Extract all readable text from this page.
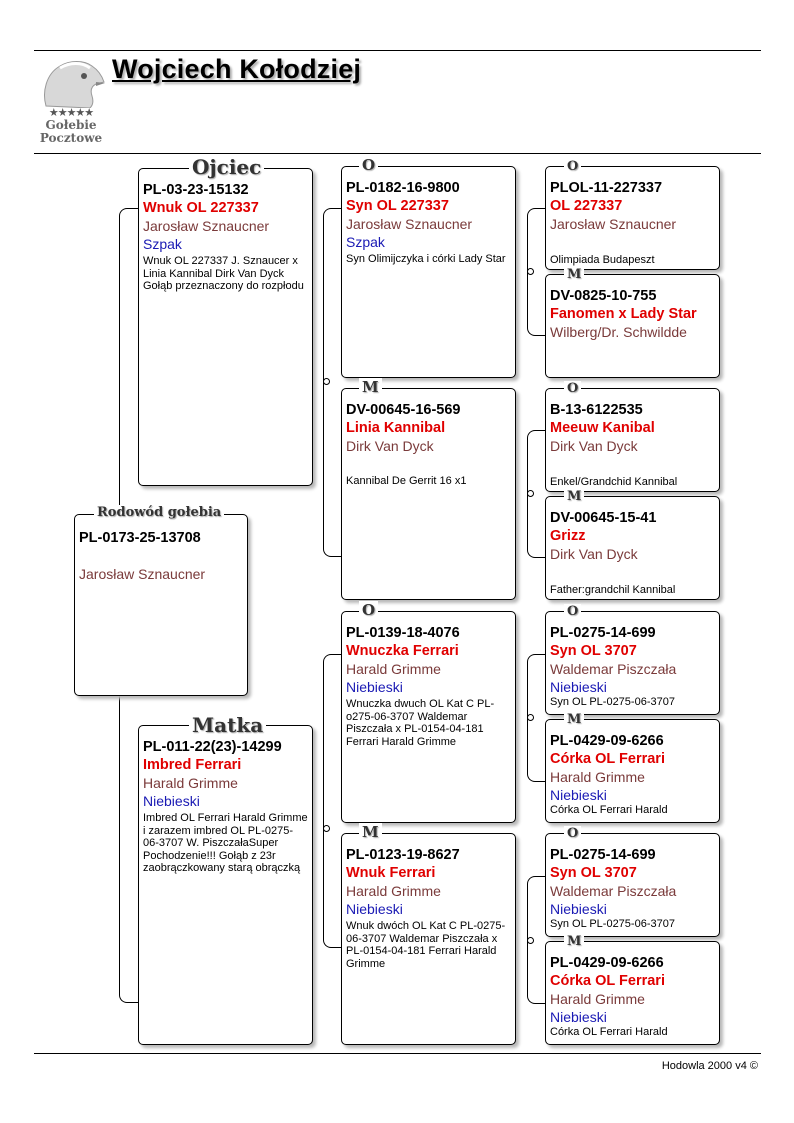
★★★★★
Gołebie
Pocztowe
Wojciech Kołodziej
PL-0173-25-13708
Jarosław Sznaucner
Rodowód gołebia
PL-03-23-15132
Wnuk OL 227337
Jarosław Sznaucner
Szpak
Wnuk OL 227337 J. Sznaucer x Linia Kannibal Dirk Van Dyck Gołąb przeznaczony do rozpłodu
Ojciec
PL-011-22(23)-14299
Imbred Ferrari
Harald Grimme
Niebieski
Imbred OL Ferrari Harald Grimme i zarazem imbred OL PL-0275-06-3707 W. PiszczałaSuper Pochodzenie!!! Gołąb z 23r zaobrączkowany starą obrączką
Matka
PL-0182-16-9800
Syn OL 227337
Jarosław Sznaucner
Szpak
Syn Olimijczyka i córki Lady Star
O
DV-00645-16-569
Linia Kannibal
Dirk Van Dyck
Kannibal De Gerrit 16 x1
M
PL-0139-18-4076
Wnuczka Ferrari
Harald Grimme
Niebieski
Wnuczka dwuch OL Kat C PL-o275-06-3707 Waldemar Piszczała x PL-0154-04-181 Ferrari Harald Grimme
O
PL-0123-19-8627
Wnuk Ferrari
Harald Grimme
Niebieski
Wnuk dwóch OL Kat C PL-0275-06-3707 Waldemar Piszczała x PL-0154-04-181 Ferrari Harald Grimme
M
PLOL-11-227337
OL 227337
Jarosław Sznaucner
Olimpiada Budapeszt
O
DV-0825-10-755
Fanomen x Lady Star
Wilberg/Dr. Schwildde
M
B-13-6122535
Meeuw Kanibal
Dirk Van Dyck
Enkel/Grandchid Kannibal
O
DV-00645-15-41
Grizz
Dirk Van Dyck
Father:grandchil Kannibal
M
PL-0275-14-699
Syn OL 3707
Waldemar Piszczała
Niebieski
Syn OL PL-0275-06-3707
O
PL-0429-09-6266
Córka OL Ferrari
Harald Grimme
Niebieski
Córka OL Ferrari Harald
M
PL-0275-14-699
Syn OL 3707
Waldemar Piszczała
Niebieski
Syn OL PL-0275-06-3707
O
PL-0429-09-6266
Córka OL Ferrari
Harald Grimme
Niebieski
Córka OL Ferrari Harald
M
Hodowla 2000 v4 ©
